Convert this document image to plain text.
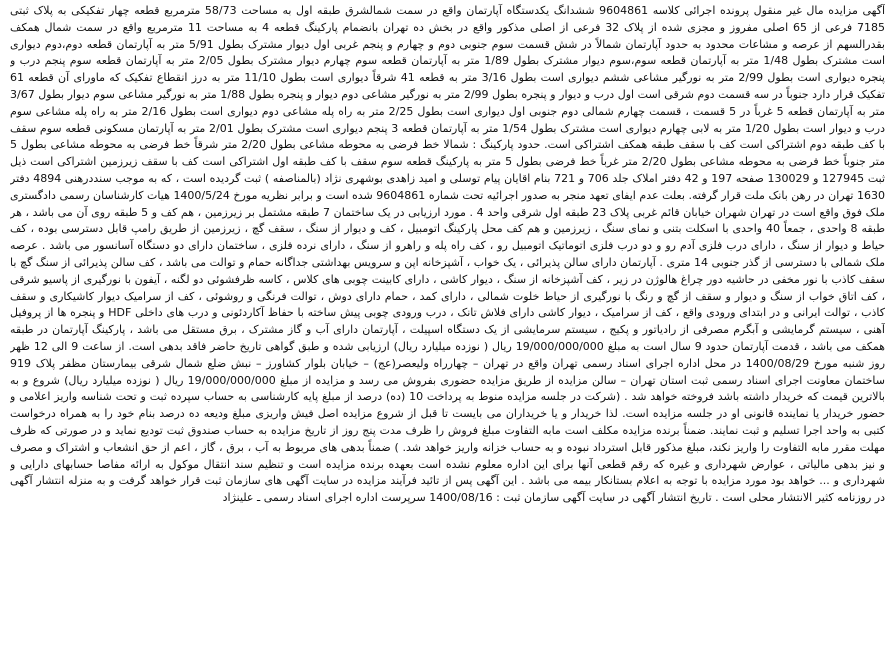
آگهی مزایده مال غیر منقول پرونده اجرائی کلاسه 9604861 ششدانگ یکدستگاه آپارتمان واقع در سمت شمالشرق طبقه اول به مساحت 58/73 مترمربع قطعه چهار تفکیکی به پلاک ثبتی 7185 فرعی از 65 اصلی مفروز و مجزی شده از پلاک 32 فرعی از اصلی مذکور واقع در بخش ده تهران بانضمام پارکینگ قطعه 4 به مساحت 11 مترمربع واقع در سمت شمال همکف بقدرالسهم از عرصه و مشاعات محدود به حدود آپارتمان شمالاً در شش قسمت سوم جنوبی دوم و چهارم و پنجم غربی اول دیوار مشترک بطول 5/91 متر به آپارتمان قطعه دوم،دوم دیواری است مشترک بطول 1/48 متر به آپارتمان قطعه سوم،سوم دیوار مشترک بطول 1/89 متر به آپارتمان قطعه سوم چهارم دیوار مشترک بطول 2/05 متر به آپارتمان قطعه سوم پنجم درب و پنجره دیواری است بطول 2/99 متر به نورگیر مشاعی ششم دیواری است بطول 3/16 متر به قطعه 41 شرقاً دیواری است بطول 11/10 متر به درز انقطاع تفکیک که ماورای آن قطعه 61 تفکیک قرار دارد جنوباً در سه قسمت دوم شرقی است اول درب و دیوار و پنجره بطول 2/99 متر به نورگیر مشاعی دوم دیوار و پنجره بطول 1/88 متر به نورگیر مشاعی سوم دیوار بطول 3/67 متر به آپارتمان قطعه 5 غرباً در 5 قسمت ، قسمت چهارم شمالی دوم جنوبی اول دیواری است بطول 2/25 متر به راه پله مشاعی دوم دیواری است بطول 2/16 متر به راه پله مشاعی سوم درب و دیوار است بطول 1/20 متر به لابی چهارم دیواری است مشترک بطول 1/54 متر به آپارتمان قطعه 3 پنجم دیواری است مشترک بطول 2/01 متر به آپارتمان مسکونی قطعه سوم سقف با کف طبقه دوم اشتراکی است کف با سقف طبقه همکف اشتراکی است. حدود پارکینگ : شمالا خط فرضی به محوطه مشاعی بطول 2/20 متر شرقاً خط فرضی به محوطه مشاعی بطول 5 متر جنوباً خط فرضی به محوطه مشاعی بطول 2/20 متر غرباً خط فرضی بطول 5 متر به پارکینگ قطعه سوم سقف با کف طبقه اول اشتراکی است کف با سقف زیرزمین اشتراکی است ذیل ثبت 127945 و 130029 صفحه 197 و 42 دفتر املاک جلد 706 و 721 بنام اقایان پیام توسلی و امید زاهدی بوشهری نژاد (بالمناصفه ) ثبت گردیده است ، که به موجب سنددرهنی 4894 دفتر 1630 تهران در رهن بانک ملت قرار گرفته. بعلت عدم ایفای تعهد منجر به صدور اجرائیه تحت شماره 9604861 شده است و برابر نظریه مورخ 1400/5/24 هیات کارشناسان رسمی دادگستری ملک فوق واقع است در تهران شهران خیابان قائم غربی پلاک 23 طبقه اول شرقی واحد 4 . مورد ارزیابی در یک ساختمان 7 طبقه مشتمل بر زیرزمین ، هم کف و 5 طبقه روی آن می باشد ، هر طبقه 8 واحدی ، جمعاً 40 واحدی با اسکلت بتنی و نمای سنگ ، زیرزمین و هم کف محل پارکینگ اتومبیل ، کف و دیوار از سنگ ، سقف گچ ، زیرزمین از طریق رامپ قابل دسترسی بوده ، کف حیاط و دیوار از سنگ ، دارای درب فلزی آدم رو و دو درب فلزی اتوماتیک اتومبیل رو ، کف راه پله و راهرو از سنگ ، دارای نرده فلزی ، ساختمان دارای دو دستگاه آسانسور می باشد . عرصه ملک شمالی با دسترسی از گذر جنوبی 14 متری . آپارتمان دارای سالن پذیرائی ، یک خواب ، آشپزخانه اپن و سرویس بهداشتی جداگانه حمام و توالت می باشد ، کف سالن پذیرائی از سنگ گچ با سقف کاذب با نور مخفی در حاشیه دور چراغ هالوژن در زیر ، کف آشپزخانه از سنگ ، دیوار کاشی ، دارای کابینت چوبی های کلاس ، کاسه ظرفشوئی دو لگنه ، آیفون با نورگیری از پاسیو شرقی ، کف اتاق خواب از سنگ و دیوار و سقف از گچ و رنگ با نورگیری از حیاط خلوت شمالی ، دارای کمد ، حمام دارای دوش ، توالت فرنگی و روشوئی ، کف از سرامیک دیوار کاشیکاری و سقف کاذب ، توالت ایرانی و در ابتدای ورودی واقع ، کف از سرامیک ، دیوار کاشی دارای فلاش تانک ، درب ورودی چوبی پیش ساخته با حفاظ آکاردئونی و درب های داخلی HDF و پنجره ها از پروفیل آهنی ، سیستم گرمایشی و آبگرم مصرفی از رادیاتور و پکیج ، سیستم سرمایشی از یک دستگاه اسپیلت ، آپارتمان دارای آب و گاز مشترک ، برق مستقل می باشد ، پارکینگ آپارتمان در طبقه همکف می باشد ، قدمت آپارتمان حدود 9 سال است به مبلغ 19/000/000/000 ریال ( نوزده میلیارد ریال) ارزیابی شده و طبق گواهی تاریخ حاضر فاقد بدهی است. از ساعت 9 الی 12 ظهر روز شنبه مورخ 1400/08/29 در محل اداره اجرای اسناد رسمی تهران واقع در تهران – چهارراه ولیعصر(عج) – خیابان بلوار کشاورز – نبش ضلع شمال شرقی بیمارستان مظفر پلاک 919 ساختمان معاونت اجرای اسناد رسمی ثبت استان تهران – سالن مزایده از طریق مزایده حضوری بفروش می رسد و مزایده از مبلغ 19/000/000/000 ریال ( نوزده میلیارد ریال) شروع و به بالاترین قیمت که خریدار داشته باشد فروخته خواهد شد . (شرکت در جلسه مزایده منوط به پرداخت 10 (ده) درصد از مبلغ پایه کارشناسی به حساب سپرده ثبت و تحت شناسه واریز اعلامی و حضور خریدار یا نماینده قانونی او در جلسه مزایده است. لذا خریدار و یا خریداران می بایست تا قبل از شروع مزایده اصل فیش واریزی مبلغ ودیعه ده درصد بنام خود را به همراه درخواست کتبی به واحد اجرا تسلیم و ثبت نمایند. ضمناً برنده مزایده مکلف است مابه التفاوت مبلغ فروش را ظرف مدت پنج روز از تاریخ مزایده به حساب صندوق ثبت تودیع نماید و در صورتی که ظرف مهلت مقرر مابه التفاوت را واریز نکند، مبلغ مذکور قابل استرداد نبوده و به حساب خزانه واریز خواهد شد. ) ضمناً بدهی های مربوط به آب ، برق ، گاز ، اعم از حق انشعاب و اشتراک و مصرف و نیز بدهی مالیاتی ، عوارض شهرداری و غیره که رقم قطعی آنها برای این اداره معلوم نشده است بعهده برنده مزایده است و تنظیم سند انتقال موکول به ارائه مفاصا حسابهای دارایی و شهرداری و ... خواهد بود مورد مزایده با توجه به اعلام بستانکار بیمه می باشد . این آگهی پس از تائید فرآیند مزایده در سایت آگهی های سازمان ثبت قرار خواهد گرفت و به منزله انتشار آگهی در روزنامه کثیر الانتشار محلی است . تاریخ انتشار آگهی در سایت آگهی سازمان ثبت : 1400/08/16 سرپرست اداره اجرای اسناد رسمی ـ علینژاد
